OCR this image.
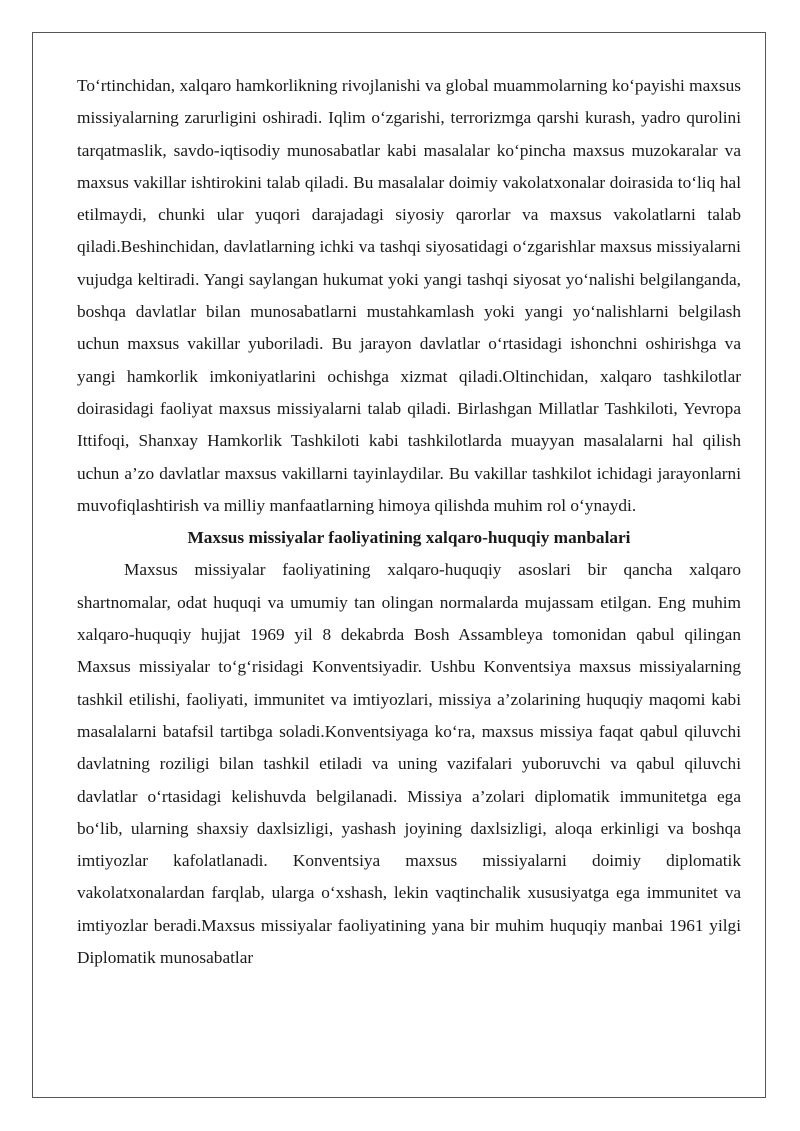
To‘rtinchidan, xalqaro hamkorlikning rivojlanishi va global muammolarning ko‘payishi maxsus missiyalarning zarurligini oshiradi. Iqlim o‘zgarishi, terrorizmga qarshi kurash, yadro qurolini tarqatmaslik, savdo-iqtisodiy munosabatlar kabi masalalar ko‘pincha maxsus muzokaralar va maxsus vakillar ishtirokini talab qiladi. Bu masalalar doimiy vakolatxonalar doirasida to‘liq hal etilmaydi, chunki ular yuqori darajadagi siyosiy qarorlar va maxsus vakolatlarni talab qiladi.Beshinchidan, davlatlarning ichki va tashqi siyosatidagi o‘zgarishlar maxsus missiyalarni vujudga keltiradi. Yangi saylangan hukumat yoki yangi tashqi siyosat yo‘nalishi belgilanganda, boshqa davlatlar bilan munosabatlarni mustahkamlash yoki yangi yo‘nalishlarni belgilash uchun maxsus vakillar yuboriladi. Bu jarayon davlatlar o‘rtasidagi ishonchni oshirishga va yangi hamkorlik imkoniyatlarini ochishga xizmat qiladi.Oltinchidan, xalqaro tashkilotlar doirasidagi faoliyat maxsus missiyalarni talab qiladi. Birlashgan Millatlar Tashkiloti, Yevropa Ittifoqi, Shanxay Hamkorlik Tashkiloti kabi tashkilotlarda muayyan masalalarni hal qilish uchun a’zo davlatlar maxsus vakillarni tayinlaydilar. Bu vakillar tashkilot ichidagi jarayonlarni muvofiqlashtirish va milliy manfaatlarning himoya qilishda muhim rol o‘ynaydi.

Maxsus missiyalar faoliyatining xalqaro-huquqiy manbalari

Maxsus missiyalar faoliyatining xalqaro-huquqiy asoslari bir qancha xalqaro shartnomalar, odat huquqi va umumiy tan olingan normalarda mujassam etilgan. Eng muhim xalqaro-huquqiy hujjat 1969 yil 8 dekabrda Bosh Assambleya tomonidan qabul qilingan Maxsus missiyalar to‘g‘risidagi Konventsiyadir. Ushbu Konventsiya maxsus missiyalarning tashkil etilishi, faoliyati, immunitet va imtiyozlari, missiya a’zolarining huquqiy maqomi kabi masalalarni batafsil tartibga soladi.Konventsiyaga ko‘ra, maxsus missiya faqat qabul qiluvchi davlatning roziligi bilan tashkil etiladi va uning vazifalari yuboruvchi va qabul qiluvchi davlatlar o‘rtasidagi kelishuvda belgilanadi. Missiya a’zolari diplomatik immunitetga ega bo‘lib, ularning shaxsiy daxlsizligi, yashash joyining daxlsizligi, aloqa erkinligi va boshqa imtiyozlar kafolatlanadi. Konventsiya maxsus missiyalarni doimiy diplomatik vakolatxonalardan farqlab, ularga o‘xshash, lekin vaqtinchalik xususiyatga ega immunitet va imtiyozlar beradi.Maxsus missiyalar faoliyatining yana bir muhim huquqiy manbai 1961 yilgi Diplomatik munosabatlar
